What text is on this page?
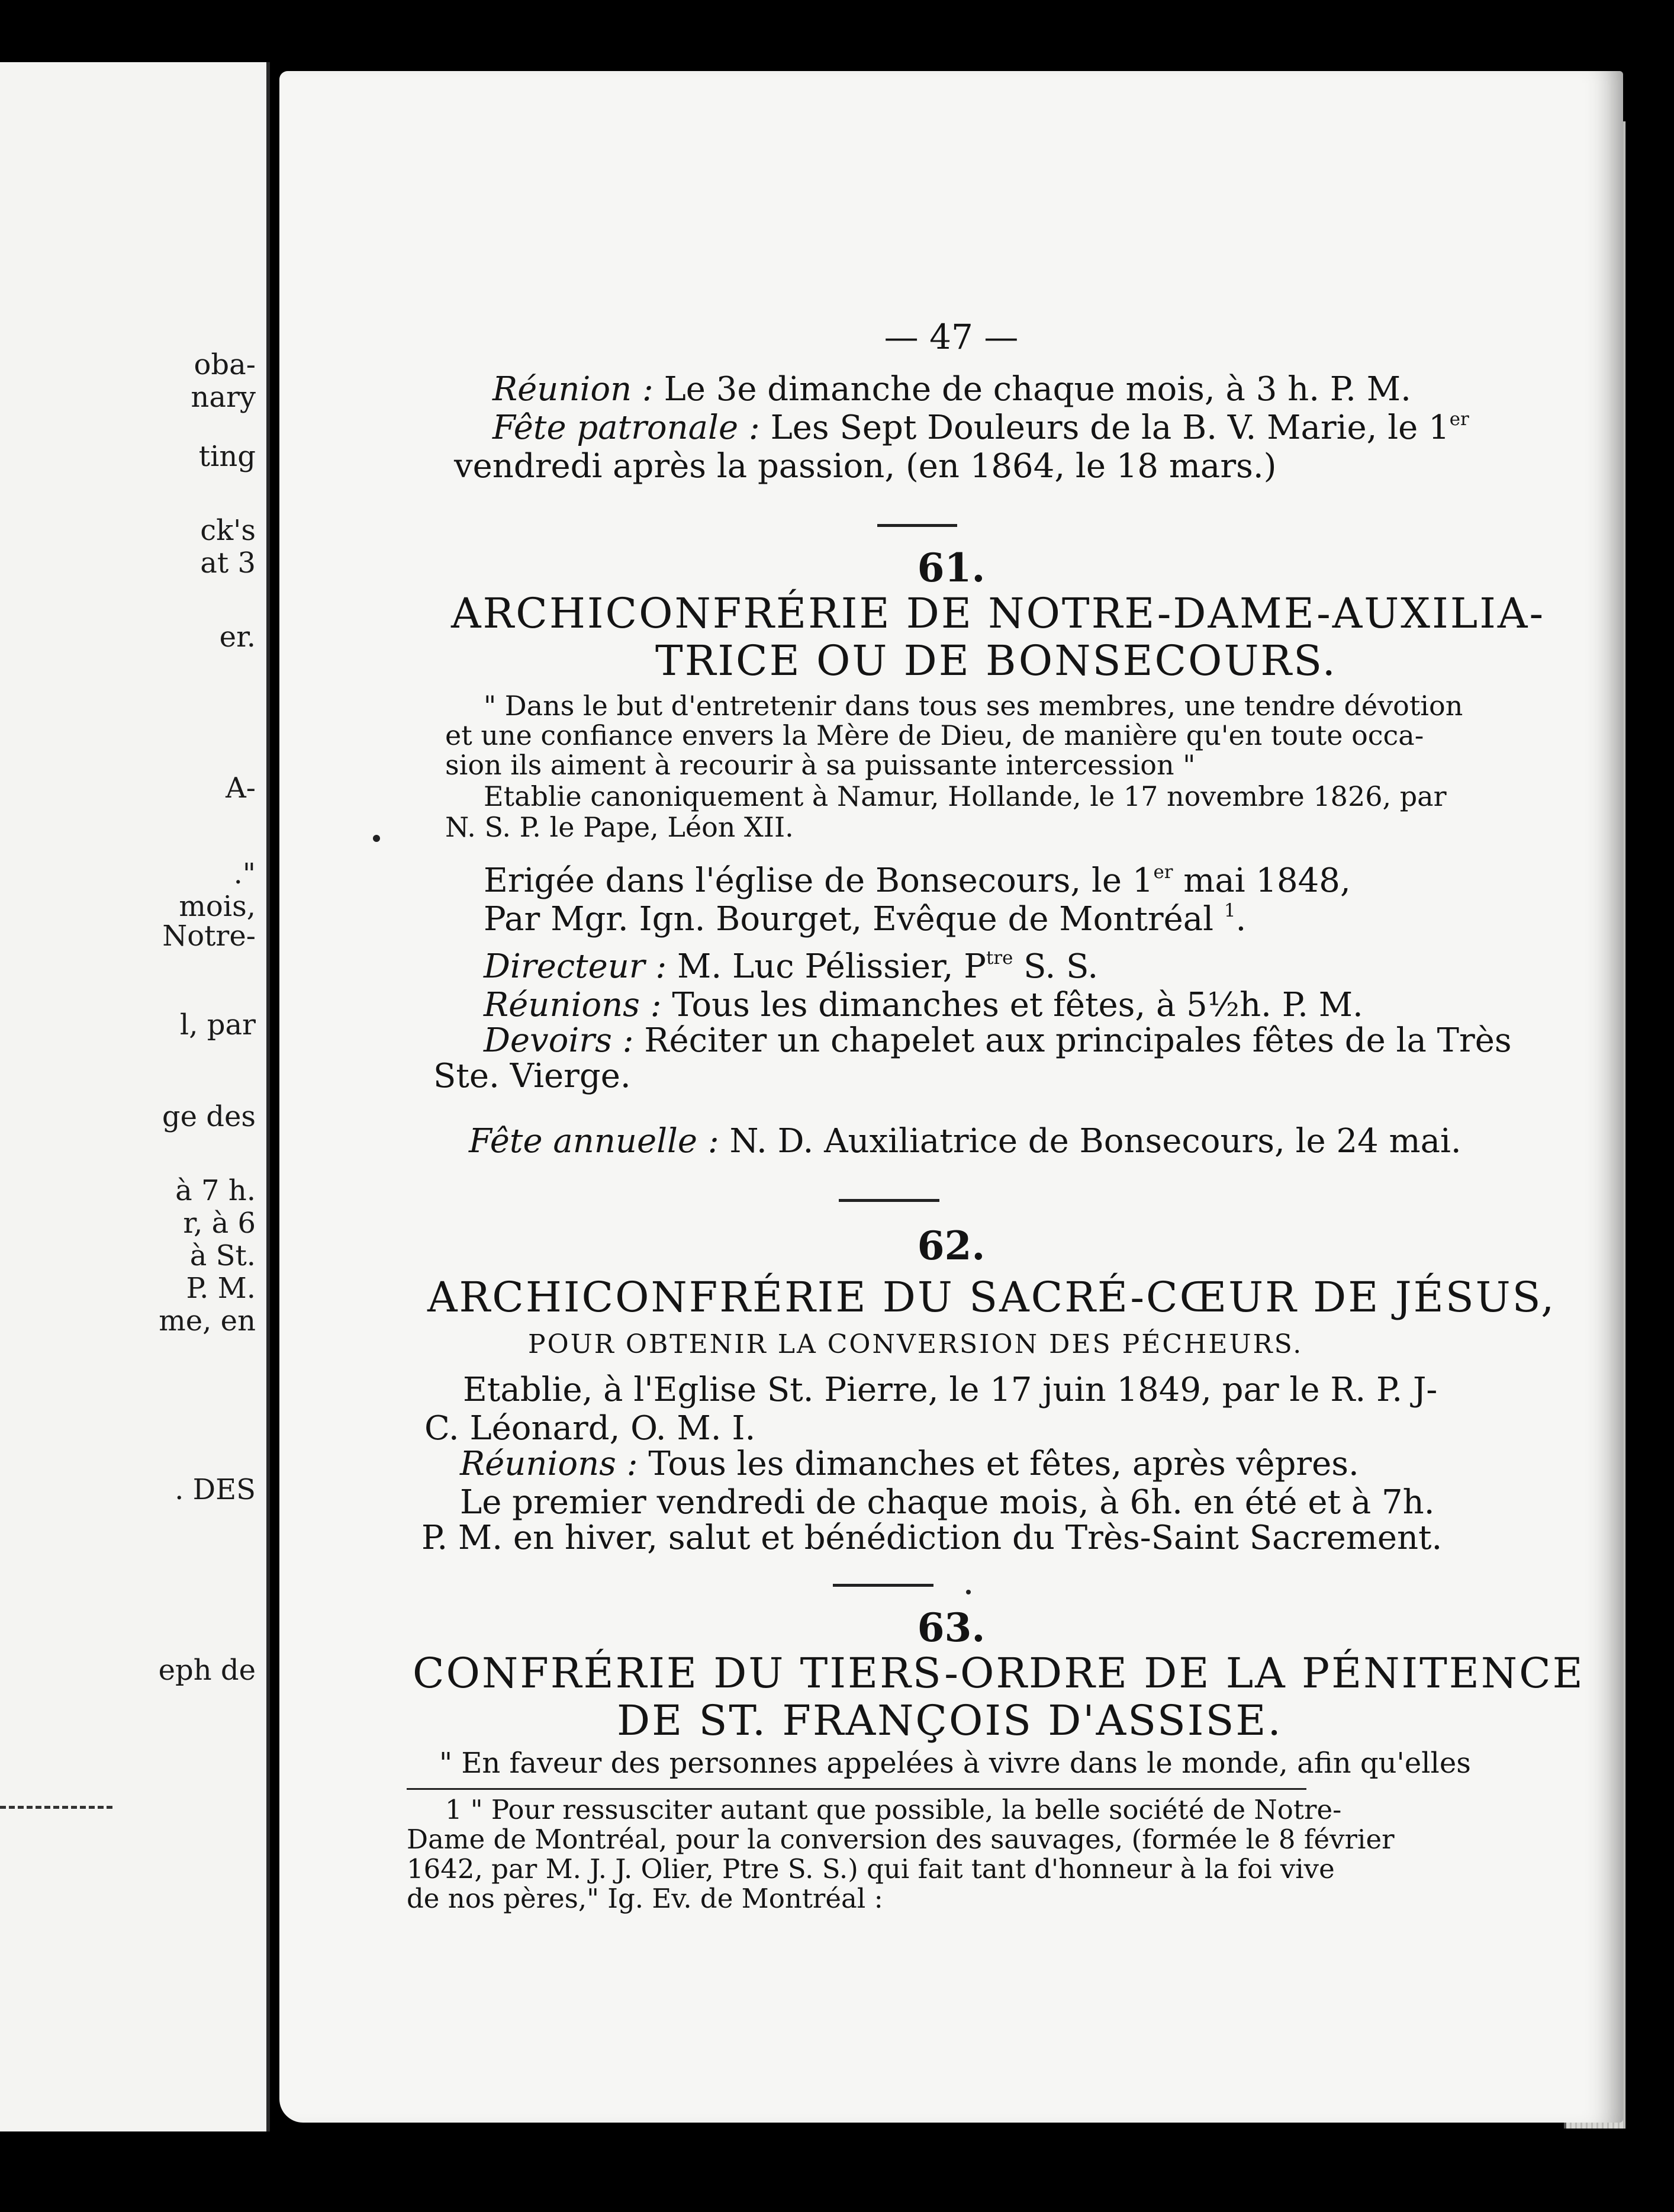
oba-
nary
ting
ck's
at 3
er.
A-
."
mois,
Notre-
l, par
ge des
à 7 h.
r, à 6
à St.
P. M.
me, en
. DES
eph de
— 47 —
Réunion : Le 3e dimanche de chaque mois, à 3 h. P. M.
Fête patronale : Les Sept Douleurs de la B. V. Marie, le 1er
vendredi après la passion, (en 1864, le 18 mars.)
61.
ARCHICONFRÉRIE DE NOTRE-DAME-AUXILIA-
TRICE OU DE BONSECOURS.
" Dans le but d'entretenir dans tous ses membres, une tendre dévotion
et une confiance envers la Mère de Dieu, de manière qu'en toute occa-
sion ils aiment à recourir à sa puissante intercession "
Etablie canoniquement à Namur, Hollande, le 17 novembre 1826, par
N. S. P. le Pape, Léon XII.
Erigée dans l'église de Bonsecours, le 1er mai 1848,
Par Mgr. Ign. Bourget, Evêque de Montréal $^1$.
Directeur : M. Luc Pélissier, $P^{tre}$ S. S.
Réunions : Tous les dimanches et fêtes, à 5½h. P. M.
Devoirs : Réciter un chapelet aux principales fêtes de la Très
Ste. Vierge.
Fête annuelle : N. D. Auxiliatrice de Bonsecours, le 24 mai.
62.
ARCHICONFRÉRIE DU SACRÉ-CŒUR DE JÉSUS,
POUR OBTENIR LA CONVERSION DES PÉCHEURS.
Etablie, à l'Eglise St. Pierre, le 17 juin 1849, par le R. P. J-
C. Léonard, O. M. I.
Réunions : Tous les dimanches et fêtes, après vêpres.
Le premier vendredi de chaque mois, à 6h. en été et à 7h.
P. M. en hiver, salut et bénédiction du Très-Saint Sacrement.
63.
CONFRÉRIE DU TIERS-ORDRE DE LA PÉNITENCE
DE ST. FRANÇOIS D'ASSISE.
" En faveur des personnes appelées à vivre dans le monde, afin qu'elles
1 " Pour ressusciter autant que possible, la belle société de Notre-
Dame de Montréal, pour la conversion des sauvages, (formée le 8 février
1642, par M. J. J. Olier, Ptre S. S.) qui fait tant d'honneur à la foi vive
de nos pères," Ig. Ev. de Montréal :
